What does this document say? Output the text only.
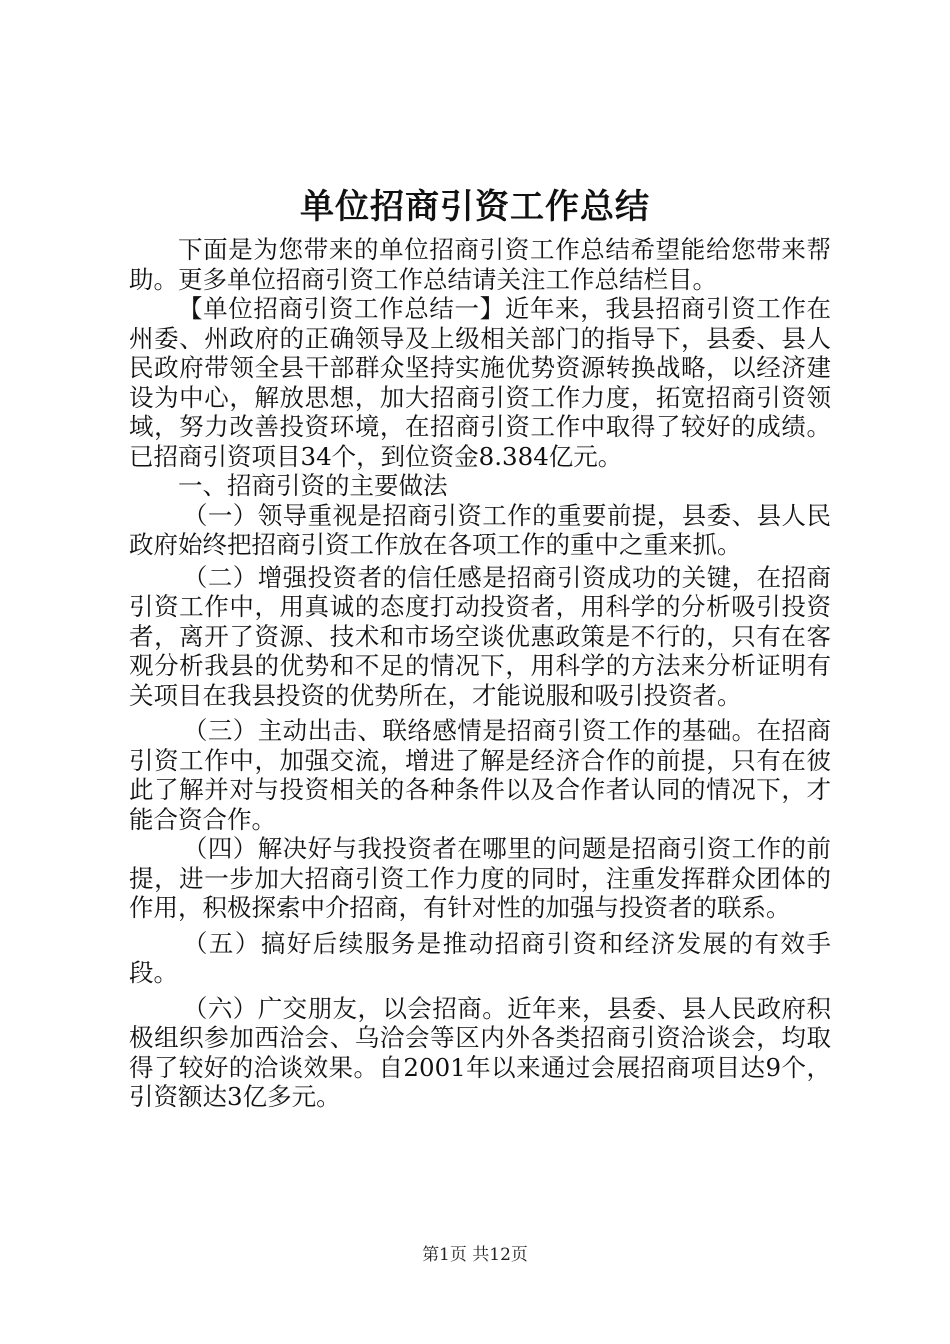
单位招商引资工作总结

下面是为您带来的单位招商引资工作总结希望能给您带来帮助。更多单位招商引资工作总结请关注工作总结栏目。

【单位招商引资工作总结一】近年来，我县招商引资工作在州委、州政府的正确领导及上级相关部门的指导下，县委、县人民政府带领全县干部群众坚持实施优势资源转换战略，以经济建设为中心，解放思想，加大招商引资工作力度，拓宽招商引资领域，努力改善投资环境，在招商引资工作中取得了较好的成绩。已招商引资项目34个，到位资金8.384亿元。

一、招商引资的主要做法

（一）领导重视是招商引资工作的重要前提，县委、县人民政府始终把招商引资工作放在各项工作的重中之重来抓。

（二）增强投资者的信任感是招商引资成功的关键，在招商引资工作中，用真诚的态度打动投资者，用科学的分析吸引投资者，离开了资源、技术和市场空谈优惠政策是不行的，只有在客观分析我县的优势和不足的情况下，用科学的方法来分析证明有关项目在我县投资的优势所在，才能说服和吸引投资者。

（三）主动出击、联络感情是招商引资工作的基础。在招商引资工作中，加强交流，增进了解是经济合作的前提，只有在彼此了解并对与投资相关的各种条件以及合作者认同的情况下，才能合资合作。

（四）解决好与我投资者在哪里的问题是招商引资工作的前提，进一步加大招商引资工作力度的同时，注重发挥群众团体的作用，积极探索中介招商，有针对性的加强与投资者的联系。

（五）搞好后续服务是推动招商引资和经济发展的有效手段。

（六）广交朋友，以会招商。近年来，县委、县人民政府积极组织参加西洽会、乌洽会等区内外各类招商引资洽谈会，均取得了较好的洽谈效果。自2001年以来通过会展招商项目达9个，引资额达3亿多元。

第1页 共12页
